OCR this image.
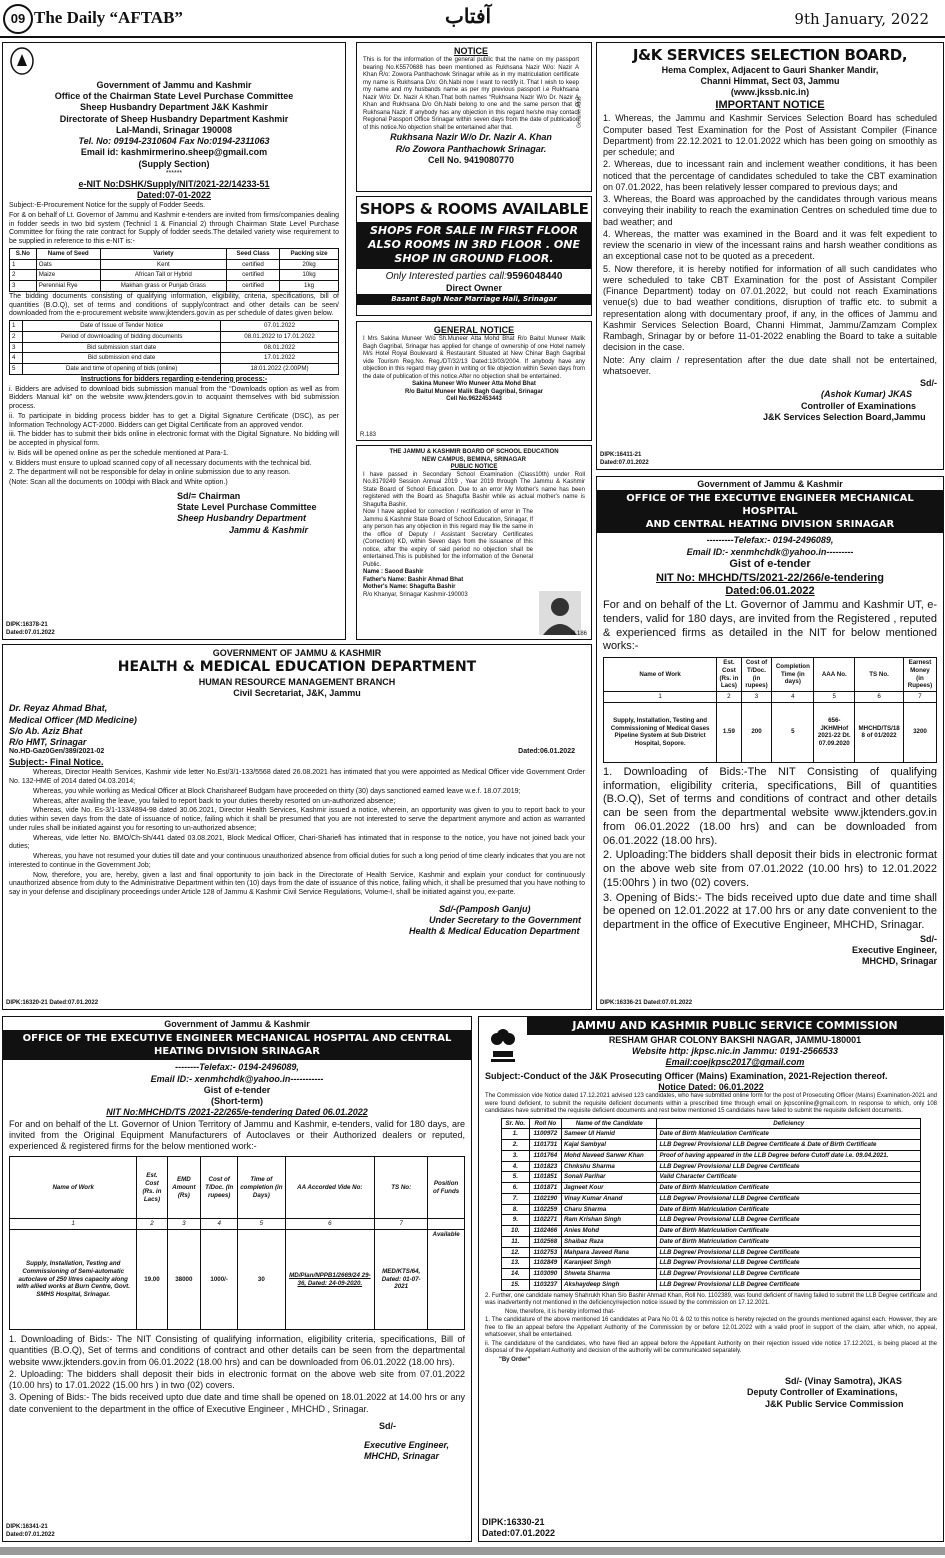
09 The Daily “AFTAB”	آفتاب	9th January, 2022
Government of Jammu and Kashmir
Office of the Chairman State Level Purchase Committee
Sheep Husbandry Department J&K Kashmir
Directorate of Sheep Husbandry Department Kashmir
Lal-Mandi, Srinagar 190008
Tel. No: 09194-2310604 Fax No:0194-2311063
Email id: kashmirmerino.sheep@gmail.com
(Supply Section)
******
e-NIT No:DSHK/Supply/NIT/2021-22/14233-51
Dated:07-01-2022
Subject:-E-Procurement Notice for the supply of Fodder Seeds.
For & on behalf of Lt. Governor of Jammu and Kashmir e-tenders are invited from firms/companies dealing in fodder seeds in two bid system (Technicl 1 & Financial 2) through Chairman State Level Purchase Committee for fixing the rate contract for Supply of fodder seeds.The detailed variety wise requirement to be supplied in reference to this e-NIT is:-
S.No	Name of Seed	Variety	Seed Class	Packing size
1	Oats	Kent	certified	20kg
2	Maize	African Tall or Hybrid	certified	10kg
3	Perennial Rye	Makhan grass or Punjab Grass	certified	1kg
The bidding documents consisting of qualifying information, eligibility, criteria, specifications, bill of quantities (B.O.Q), set of terms and conditions of supply/contract and other details can be seen/ downloaded from the e-procurement website www.jktenders.gov.in as per schedule of dates given below.
1	Date of Issue of Tender Notice	07.01.2022
2	Period of downloading of bidding documents	08.01.2022 to 17.01.2022
3	Bid submission start date	08.01.2022
4	Bid submission end date	17.01.2022
5	Date and time of opening of bids (online)	18.01.2022 (2.00PM)
Instructions for bidders regarding e-tendering process:-
i. Bidders are advised to download bids submission manual from the “Downloads option as well as from Bidders Manual kit” on the website www.jktenders.gov.in to acquaint themselves with bid submission process.
ii. To participate in bidding process bidder has to get a Digital Signature Certificate (DSC), as per Information Technology ACT-2000. Bidders can get Digital Certificate from an approved vendor.
iii. The bidder has to submit their bids online in electronic format with the Digital Signature. No bidding will be accepted in physical form.
iv. Bids will be opened online as per the schedule mentioned at Para-1.
v. Bidders must ensure to upload scanned copy of all necessary documents with the technical bid.
2. The department will not be responsible for delay in online submission due to any reason.
(Note: Scan all the documents on 100dpi with Black and White option.)
Sd/= Chairman
State Level Purchase Committee
Sheep Husbandry Department
Jammu & Kashmir
DIPK:16378-21
Dated:07.01.2022
NOTICE
This is for the information of the general public that the name on my passport bearing No.K5570688 has been mentioned as Rukhsana Nazir W/o: Nazir A Khan R/o: Zowora Panthachowk Srinagar while as in my matriculation certificate my name is Rukhsana D/o: Gh.Nabi now I want to rectify it. That I wish to keep my name and my husbands name as per my previous passport i.e Rukhsana Nazir W/o: Dr. Nazir A Khan.That both names “Rukhsana Nazir W/o Dr. Nazir A Khan and Rukhsana D/o Gh.Nabi belong to one and the same person that is Rukhsana Nazir. If anybody has any objection in this regard he/she may contact Regional Passport Office Srinagar within seven days from the date of publication of this notice.No objection shall be entertained after that.
Rukhsana Nazir W/o Dr. Nazir A. Khan
R/o Zowora Panthachowk Srinagar.
Cell No. 9419080770
Genuine Adds
SHOPS & ROOMS AVAILABLE
SHOPS FOR SALE IN FIRST FLOOR
ALSO ROOMS IN 3RD FLOOR . ONE
SHOP IN GROUND FLOOR.
Only Interested parties call:9596048440
Direct Owner
Basant Bagh Near Marriage Hall, Srinagar
GENERAL NOTICE
I Mrs Sakina Muneer W/o Sh.Muneer Atta Mohd Bhat R/o Baitul Muneer Malik Bagh Gagribal, Srinagar has applied for change of ownership of one Hotel namely M/s Hotel Royal Boulevard & Restaurant Situated at New Chinar Bagh Gagribal vide Tourism Reg.No. Reg./DT/32/13 Dated:13/03/2004. If anybody have any objection in this regard may given in writing or file objection within Seven days from the date of publication of this notice.After no objection shall be entertained.
Sakina Muneer W/o Muneer Atta Mohd Bhat
R/o Baitul Muneer Malik Bagh Gagribal, Srinagar
Cell No.9622453443
R.183
THE JAMMU & KASHMIR BOARD OF SCHOOL EDUCATION
NEW CAMPUS, BEMINA, SRINAGAR
PUBLIC NOTICE
I have passed in Secondary School Examination (Class10th) under Roll No.8179249 Session Annual 2019 , Year 2019 through The Jammu & Kashmir State Board of School Education. Due to an error My Mother's name has been registered with the Board as Shagufta Bashir while as actual mother's name is Shagufta Bashir.
Now I have applied for correction / rectification of error in The Jammu & Kashmir State Board of School Education, Srinagar, If any person has any objection in this regard may file the same in the office of Deputy / Assistant Secretary Certificates (Correction) KD, within Seven days from the issuance of this notice, after the expiry of said period no objection shall be entertained.This is published for the information of the General Public.
Name : Saood Bashir
Father's Name: Bashir Ahmad Bhat
Mother's Name: Shagufta Bashir
R/o Khanyar, Srinagar Kashmir-190003
R.186
J&K SERVICES SELECTION BOARD,
Hema Complex, Adjacent to Gauri Shanker Mandir,
Channi Himmat, Sect 03, Jammu
(www.jkssb.nic.in)
IMPORTANT NOTICE
1. Whereas, the Jammu and Kashmir Services Selection Board has scheduled Computer based Test Examination for the Post of Assistant Compiler (Finance Department) from 22.12.2021 to 12.01.2022 which has been going on smoothly as per schedule; and
2. Whereas, due to incessant rain and inclement weather conditions, it has been noticed that the percentage of candidates scheduled to take the CBT examination on 07.01.2022, has been relatively lesser compared to previous days; and
3. Whereas, the Board was approached by the candidates through various means conveying their inability to reach the examination Centres on scheduled time due to bad weather; and
4. Whereas, the matter was examined in the Board and it was felt expedient to review the scenario in view of the incessant rains and harsh weather conditions as an exceptional case not to be quoted as a precedent.
5. Now therefore, it is hereby notified for information of all such candidates who were scheduled to take CBT Examination for the post of Assistant Compiler (Finance Department) today on 07.01.2022, but could not reach Examinations venue(s) due to bad weather conditions, disruption of traffic etc. to submit a representation along with documentary proof, if any, in the offices of Jammu and Kashmir Services Selection Board, Channi Himmat, Jammu/Zamzam Complex Rambagh, Srinagar by or before 11-01-2022 enabling the Board to take a suitable decision in the case.
Note: Any claim / representation after the due date shall not be entertained, whatsoever.
Sd/-
(Ashok Kumar) JKAS
Controller of Examinations
J&K Services Selection Board,Jammu
DIPK:16411-21
Dated:07.01.2022
Government of Jammu & Kashmir
OFFICE OF THE EXECUTIVE ENGINEER MECHANICAL HOSPITAL
AND CENTRAL HEATING DIVISION SRINAGAR
---------Telefax:- 0194-2496089,
Email ID:- xenmhchdk@yahoo.in---------
Gist of e-tender
NIT No: MHCHD/TS/2021-22/266/e-tendering
Dated:06.01.2022
For and on behalf of the Lt. Governor of Jammu and Kashmir UT, e-tenders, valid for 180 days, are invited from the Registered , reputed & experienced firms as detailed in the NIT for below mentioned works:-
Name of Work	Est. Cost (Rs. in Lacs)	Cost of T/Doc. (in rupees)	Completion Time (in days)	AAA No.	TS No.	Earnest Money (in Rupees)
1	2	3	4	5	6	7
Supply, Installation, Testing and Commissioning of Medical Gases Pipeline System at Sub District Hospital, Sopore.	1.59	200	5	656-JKHMHof 2021-22 Dt. 07.09.2020	MHCHD/TS/18 8 of 01/2022	3200
1. Downloading of Bids:-The NIT Consisting of qualifying information, eligibility criteria, specifications, Bill of quantities (B.O.Q), Set of terms and conditions of contract and other details can be seen from the departmental website www.jktenders.gov.in from 06.01.2022 (18.00 hrs) and can be downloaded from 06.01.2022 (18.00 hrs).
2. Uploading:The bidders shall deposit their bids in electronic format on the above web site from 07.01.2022 (10.00 hrs) to 12.01.2022 (15:00hrs ) in two (02) covers.
3. Opening of Bids:- The bids received upto due date and time shall be opened on 12.01.2022 at 17.00 hrs or any date convenient to the department in the office of Executive Engineer, MHCHD, Srinagar.
Sd/-
Executive Engineer,
MHCHD, Srinagar
DIPK:16336-21 Dated:07.01.2022
GOVERNMENT OF JAMMU & KASHMIR
HEALTH & MEDICAL EDUCATION DEPARTMENT
HUMAN RESOURCE MANAGEMENT BRANCH
Civil Secretariat, J&K, Jammu
Dr. Reyaz Ahmad Bhat,
Medical Officer (MD Medicine)
S/o Ab. Aziz Bhat
R/o HMT, Srinagar
No.HD-Gaz0Gen/389/2021-02	Dated:06.01.2022
Subject:- Final Notice.
Whereas, Director Health Services, Kashmir vide letter No.Est/3/1-133/5568 dated 26.08.2021 has intimated that you were appointed as Medical Officer vide Government Order No. 132-HME of 2014 dated 04.03.2014;
Whereas, you while working as Medical Officer at Block Charishareef Budgam have proceeded on thirty (30) days sanctioned earned leave w.e.f. 18.07.2019;
Whereas, after availing the leave, you failed to report back to your duties thereby resorted on un-authorized absence;
Whereas, vide No. Es-3/1-133/4894-98 dated 30.06.2021, Director Health Services, Kashmir issued a notice, wherein, an opportunity was given to you to report back to your duties within seven days from the date of issuance of notice, failing which it shall be presumed that you are not interested to serve the department anymore and action as warranted under rules shall be initiated against you for resorting to un-authorized absence;
Whereas, vide letter No. BMO/Ch-Sh/441 dated 03.08.2021, Block Medical Officer, Chari-Shariefi has intimated that in response to the notice, you have not joined back your duties;
Whereas, you have not resumed your duties till date and your continuous unauthorized absence from official duties for such a long period of time clearly indicates that you are not interested to continue in the Government Job;
Now, therefore, you are, hereby, given a last and final opportunity to join back in the Directorate of Health Service, Kashmir and explain your conduct for continuously unauthorized absence from duty to the Administrative Department within ten (10) days from the date of issuance of this notice, failing which, it shall be presumed that you have nothing to say in your defense and disciplinary proceedings under Article 128 of Jammu & Kashmir Civil Service Regulations, Volume-I, shall be initiated against you, ex-parte.
Sd/-(Pamposh Ganju)
Under Secretary to the Government
Health & Medical Education Department
DIPK:16320-21 Dated:07.01.2022
Government of Jammu & Kashmir
OFFICE OF THE EXECUTIVE ENGINEER MECHANICAL HOSPITAL AND CENTRAL
HEATING DIVISION SRINAGAR
--------Telefax:- 0194-2496089,
Email ID:- xenmhchdk@yahoo.in-----------
Gist of e-tender
(Short-term)
NIT No:MHCHD/TS /2021-22/265/e-tendering Dated 06.01.2022
For and on behalf of the Lt. Governor of Union Territory of Jammu and Kashmir, e-tenders, valid for 180 days, are invited from the Original Equipment Manufacturers of Autoclaves or their Authorized dealers or reputed, experienced & registered firms for the below mentioned work:-
Name of Work	Est. Cost (Rs. in Lacs)	EMD Amount (Rs)	Cost of T/Doc. (In rupees)	Time of completion (in Days)	AA Accorded Vide No:	TS No:	Position of Funds
1	2	3	4	5	6	7	
Supply, Installation, Testing and Commissioning of Semi-automatic autoclave of 250 litres capacity along with allied works at Burn Centre, Govt. SMHS Hospital, Srinagar.	19.00	38000	1000/-	30	MD/Plan/NPPB1/2669/24 29-36, Dated: 24-09-2020.	MED/KTS/64, Dated: 01-07-2021	Available
1. Downloading of Bids:- The NIT Consisting of qualifying information, eligibility criteria, specifications, Bill of quantities (B.O.Q), Set of terms and conditions of contract and other details can be seen from the departmental website www.jktenders.gov.in from 06.01.2022 (18.00 hrs) and can be downloaded from 06.01.2022 (18.00 hrs).
2. Uploading: The bidders shall deposit their bids in electronic format on the above web site from 07.01.2022 (10.00 hrs) to 17.01.2022 (15.00 hrs ) in two (02) covers.
3. Opening of Bids:- The bids received upto due date and time shall be opened on 18.01.2022 at 14.00 hrs or any date convenient to the department in the office of Executive Engineer , MHCHD , Srinagar.
Sd/-
Executive Engineer,
MHCHD, Srinagar
DIPK:16341-21
Dated:07.01.2022
JAMMU AND KASHMIR PUBLIC SERVICE COMMISSION
RESHAM GHAR COLONY BAKSHI NAGAR, JAMMU-180001
Website http: jkpsc.nic.in Jammu: 0191-2566533
Email:coejkpsc2017@gmail.com
Subject:-Conduct of the J&K Prosecuting Officer (Mains) Examination, 2021-Rejection thereof.
Notice Dated: 06.01.2022
The Commission vide Notice dated 17.12.2021 advised 123 candidates, who have submitted online form for the post of Prosecuting Officer (Mains) Examination-2021 and were found deficient, to submit the requisite deficient documents within a prescribed time through email on jkpsconline@gmail.com. In response to which, only 108 candidates have submitted the requisite deficient documents and rest below mentioned 15 candidates have failed to submit the requisite deficient documents.
Sr. No.	Roll No	Name of the Candidate	Deficiency
1.	1100972	Sameer Ul Hamid	Date of Birth Matriculation Certificate
2.	1101731	Kajal Sambyal	LLB Degree/ Provisional LLB Degree Certificate & Date of Birth Certificate
3.	1101764	Mohd Naveed Sarwer Khan	Proof of having appeared in the LLB Degree before Cutoff date i.e. 09.04.2021.
4.	1101823	Chnkshu Sharma	LLB Degree/ Provisional LLB Degree Certificate
5.	1101851	Sonali Parihar	Valid Character Certificate
6.	1101871	Jagneet Kour	Date of Birth Matriculation Certificate
7.	1102190	Vinay Kumar Anand	LLB Degree/ Provisional LLB Degree Certificate
8.	1102259	Charu Sharma	Date of Birth Matriculation Certificate
9.	1102271	Ram Krishan Singh	LLB Degree/ Provisional LLB Degree Certificate
10.	1102466	Anies Mohd	Date of Birth Matriculation Certificate
11.	1102568	Shaibaz Raza	Date of Birth Matriculation Certificate
12.	1102753	Mahpara Javeed Rana	LLB Degree/ Provisional LLB Degree Certificate
13.	1102849	Karanjeet Singh	LLB Degree/ Provisional LLB Degree Certificate
14.	1103090	Shweta Sharma	LLB Degree/ Provisional LLB Degree Certificate
15.	1103237	Akshaydeep Singh	LLB Degree/ Provisional LLB Degree Certificate
2. Further, one candidate namely Shahrukh Khan S/o Bashir Ahmad Khan, Roll No. 1102389, was found deficient of having failed to submit the LLB Degree certificate and was inadvertently not mentioned in the deficiency/rejection notice issued by the commission on 17.12.2021.
Now, therefore, it is hereby informed that-
1. The candidature of the above mentioned 16 candidates at Para No 01 & 02 to this notice is hereby rejected on the grounds mentioned against each. However, they are free to file an appeal before the Appellant Authority of the Commission by or before 12.01.2022 with a valid proof in support of the claim, after which, no appeal, whatsoever, shall be entertained.
ii. The candidature of the candidates, who have filed an appeal before the Appellant Authority on their rejection issued vide notice 17.12.2021, is being placed at the disposal of the Appellant Authority and decision of the authority will be communicated separately.
"By Order"
Sd/- (Vinay Samotra), JKAS
Deputy Controller of Examinations,
J&K Public Service Commission
DIPK:16330-21
Dated:07.01.2022
